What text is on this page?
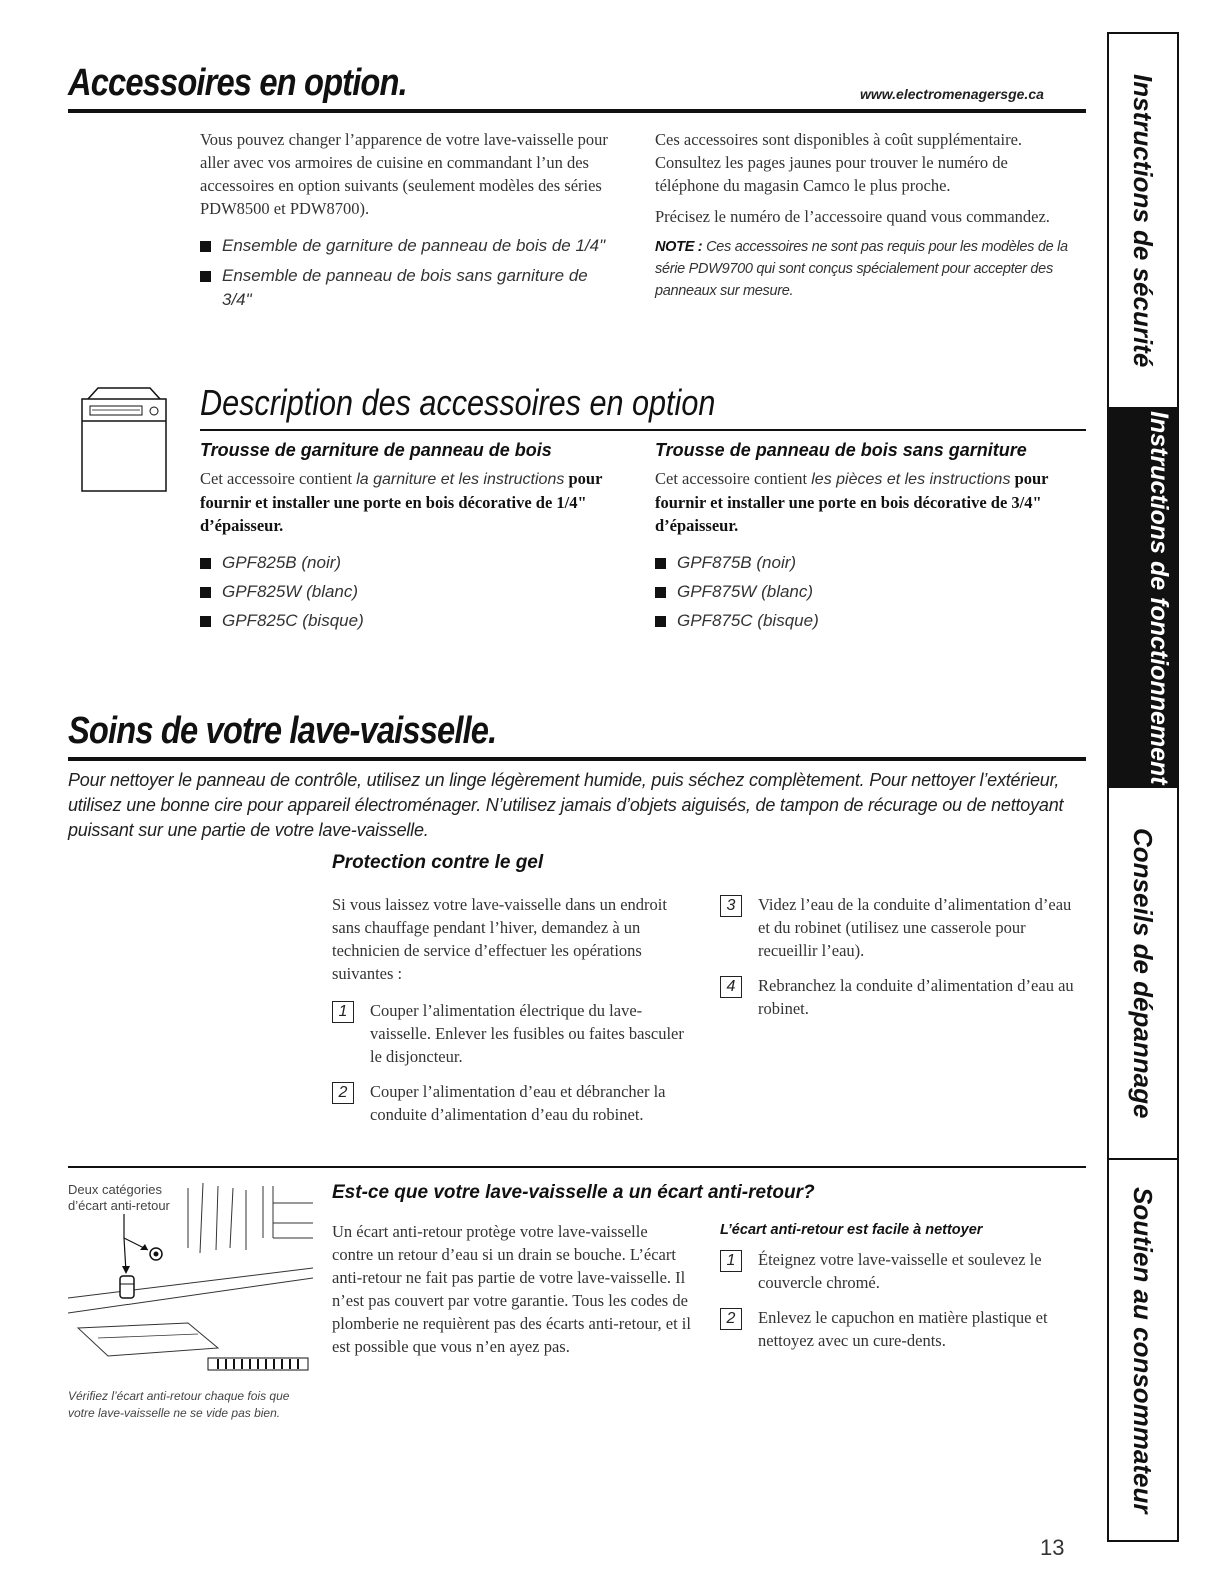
Accessoires en option.	www.electromenagersge.ca

Vous pouvez changer l’apparence de votre lave-vaisselle pour aller avec vos armoires de cuisine en commandant l’un des accessoires en option suivants (seulement modèles des séries PDW8500 et PDW8700).

Ensemble de garniture de panneau de bois de 1/4"
Ensemble de panneau de bois sans garniture de 3/4"

Ces accessoires sont disponibles à coût supplémentaire. Consultez les pages jaunes pour trouver le numéro de téléphone du magasin Camco le plus proche.

Précisez le numéro de l’accessoire quand vous commandez.

NOTE : Ces accessoires ne sont pas requis pour les modèles de la série PDW9700 qui sont conçus spécialement pour accepter des panneaux sur mesure.

Description des accessoires en option
Trousse de garniture de panneau de bois
Cet accessoire contient la garniture et les instructions pour fournir et installer une porte en bois décorative de 1/4" d’épaisseur.
GPF825B (noir)
GPF825W (blanc)
GPF825C (bisque)
Trousse de panneau de bois sans garniture
Cet accessoire contient les pièces et les instructions pour fournir et installer une porte en bois décorative de 3/4" d’épaisseur.
GPF875B (noir)
GPF875W (blanc)
GPF875C (bisque)
Soins de votre lave-vaisselle.
Pour nettoyer le panneau de contrôle, utilisez un linge légèrement humide, puis séchez complètement. Pour nettoyer l’extérieur, utilisez une bonne cire pour appareil électroménager. N’utilisez jamais d’objets aiguisés, de tampon de récurage ou de nettoyant puissant sur une partie de votre lave-vaisselle.
Protection contre le gel

Si vous laissez votre lave-vaisselle dans un endroit sans chauffage pendant l’hiver, demandez à un technicien de service d’effectuer les opérations suivantes :

1	Couper l’alimentation électrique du lave-vaisselle. Enlever les fusibles ou faites basculer le disjoncteur.
2	Couper l’alimentation d’eau et débrancher la conduite d’alimentation d’eau du robinet.
3	Videz l’eau de la conduite d’alimentation d’eau et du robinet (utilisez une casserole pour recueillir l’eau).
4	Rebranchez la conduite d’alimentation d’eau au robinet.
Deux catégories d’écart anti-retour
Vérifiez l’écart anti-retour chaque fois que votre lave-vaisselle ne se vide pas bien.
Est-ce que votre lave-vaisselle a un écart anti-retour?
Un écart anti-retour protège votre lave-vaisselle contre un retour d’eau si un drain se bouche. L’écart anti-retour ne fait pas partie de votre lave-vaisselle. Il n’est pas couvert par votre garantie. Tous les codes de plomberie ne requièrent pas des écarts anti-retour, et il est possible que vous n’en ayez pas.
L’écart anti-retour est facile à nettoyer
1	Éteignez votre lave-vaisselle et soulevez le couvercle chromé.
2	Enlevez le capuchon en matière plastique et nettoyez avec un cure-dents.
13
Instructions de sécurité
Instructions de fonctionnement
Conseils de dépannage
Soutien au consommateur
